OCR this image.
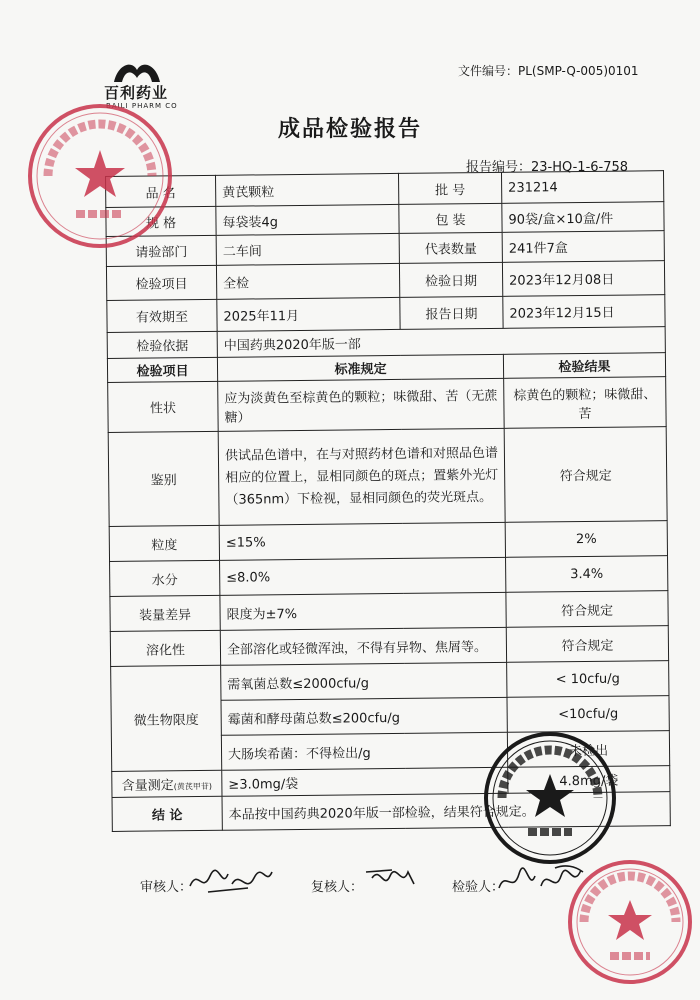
百利药业
BAILI PHARM CO
文件编号：PL(SMP-Q-005)0101
成品检验报告
报告编号：23-HQ-1-6-758
品 名	黄芪颗粒	批 号	231214
规 格	每袋装4g	包 装	90袋/盒×10盒/件
请验部门	二车间	代表数量	241件7盒
检验项目	全检	检验日期	2023年12月08日
有效期至	2025年11月	报告日期	2023年12月15日
检验依据	中国药典2020年版一部		
检验项目	标准规定		检验结果
性状	应为淡黄色至棕黄色的颗粒；味微甜、苦（无蔗糖）		棕黄色的颗粒；味微甜、苦
鉴别	供试品色谱中，在与对照药材色谱和对照品色谱相应的位置上，显相同颜色的斑点；置紫外光灯（365nm）下检视，显相同颜色的荧光斑点。		符合规定
粒度	≤15%		2%
水分	≤8.0%		3.4%
装量差异	限度为±7%		符合规定
溶化性	全部溶化或轻微浑浊，不得有异物、焦屑等。		符合规定
微生物限度	需氧菌总数≤2000cfu/g		< 10cfu/g
	霉菌和酵母菌总数≤200cfu/g		<10cfu/g
	大肠埃希菌：不得检出/g		未检出
含量测定(黄芪甲苷)	≥3.0mg/袋		4.8mg/袋
结 论	本品按中国药典2020年版一部检验，结果符合规定。		
审核人：	复核人：	检验人：
